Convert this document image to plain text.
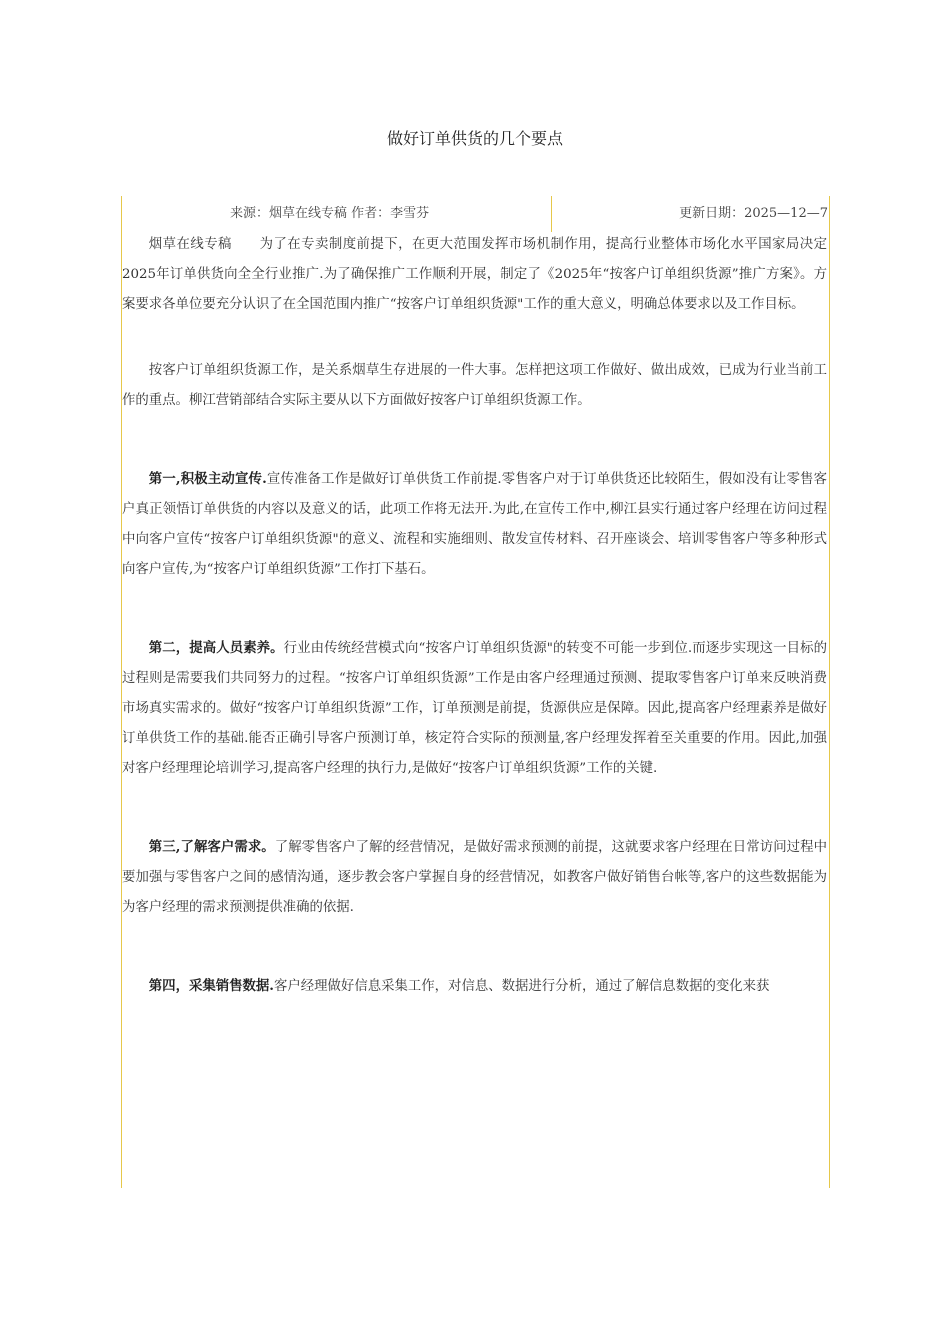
做好订单供货的几个要点
来源：烟草在线专稿 作者：李雪芬	更新日期：2025—12—7

烟草在线专稿　　为了在专卖制度前提下，在更大范围发挥市场机制作用，提高行业整体市场化水平国家局决定2025年订单供货向全全行业推广.为了确保推广工作顺利开展，制定了《2025年“按客户订单组织货源”推广方案》。方案要求各单位要充分认识了在全国范围内推广“按客户订单组织货源"工作的重大意义，明确总体要求以及工作目标。

按客户订单组织货源工作，是关系烟草生存进展的一件大事。怎样把这项工作做好、做出成效，已成为行业当前工作的重点。柳江营销部结合实际主要从以下方面做好按客户订单组织货源工作。

第一,积极主动宣传.宣传准备工作是做好订单供货工作前提.零售客户对于订单供货还比较陌生，假如没有让零售客户真正领悟订单供货的内容以及意义的话，此项工作将无法开.为此,在宣传工作中,柳江县实行通过客户经理在访问过程中向客户宣传“按客户订单组织货源"的意义、流程和实施细则、散发宣传材料、召开座谈会、培训零售客户等多种形式向客户宣传,为“按客户订单组织货源”工作打下基石。

第二，提高人员素养。行业由传统经营模式向“按客户订单组织货源"的转变不可能一步到位.而逐步实现这一目标的过程则是需要我们共同努力的过程。“按客户订单组织货源”工作是由客户经理通过预测、提取零售客户订单来反映消费市场真实需求的。做好“按客户订单组织货源”工作，订单预测是前提，货源供应是保障。因此,提高客户经理素养是做好订单供货工作的基础.能否正确引导客户预测订单，核定符合实际的预测量,客户经理发挥着至关重要的作用。因此,加强对客户经理理论培训学习,提高客户经理的执行力,是做好“按客户订单组织货源”工作的关键.

第三,了解客户需求。了解零售客户了解的经营情况，是做好需求预测的前提，这就要求客户经理在日常访问过程中要加强与零售客户之间的感情沟通，逐步教会客户掌握自身的经营情况，如教客户做好销售台帐等,客户的这些数据能为为客户经理的需求预测提供准确的依据.

第四，采集销售数据.客户经理做好信息采集工作，对信息、数据进行分析，通过了解信息数据的变化来获
